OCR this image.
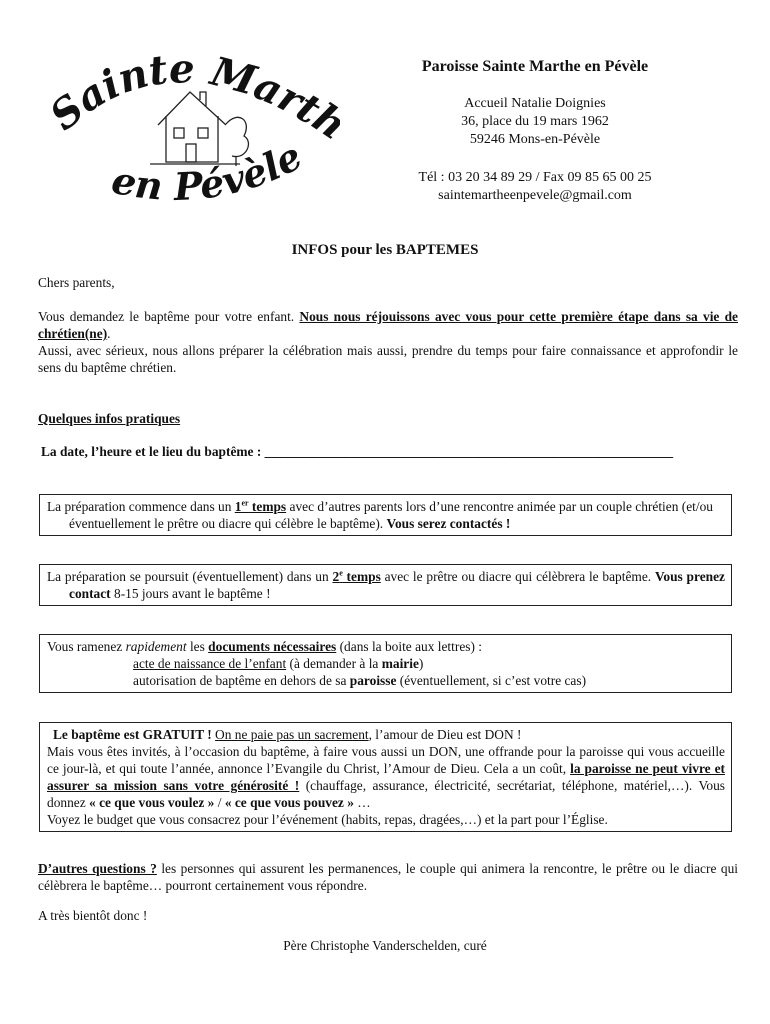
Sainte Mart
en Pévèle
Paroisse Sainte Marthe en Pévèle
Accueil Natalie Doignies
36, place du 19 mars 1962
59246 Mons-en-Pévèle
Tél : 03 20 34 89 29 / Fax 09 85 65 00 25
saintemartheenpevele@gmail.com
INFOS pour les BAPTEMES
Chers parents,
Vous demandez le baptême pour votre enfant. Nous nous réjouissons avec vous pour cette première étape dans sa vie de chrétien(ne).
Aussi, avec sérieux, nous allons préparer la célébration mais aussi, prendre du temps pour faire connaissance et approfondir le sens du baptême chrétien.
Quelques infos pratiques
La date, l’heure et le lieu du baptême : _____________________________________________________________
La préparation commence dans un 1er temps avec d’autres parents lors d’une rencontre animée par un couple chrétien (et/ou éventuellement le prêtre ou diacre qui célèbre le baptême). Vous serez contactés !
La préparation se poursuit (éventuellement) dans un 2e temps avec le prêtre ou diacre qui célèbrera le baptême. Vous prenez contact 8-15 jours avant le baptême !
Vous ramenez rapidement les documents nécessaires (dans la boite aux lettres) :
acte de naissance de l’enfant (à demander à la mairie)
autorisation de baptême en dehors de sa paroisse (éventuellement, si c’est votre cas)
Le baptême est GRATUIT ! On ne paie pas un sacrement, l’amour de Dieu est DON !
Mais vous êtes invités, à l’occasion du baptême, à faire vous aussi un DON, une offrande pour la paroisse qui vous accueille ce jour-là, et qui toute l’année, annonce l’Evangile du Christ, l’Amour de Dieu. Cela a un coût, la paroisse ne peut vivre et assurer sa mission sans votre générosité ! (chauffage, assurance, électricité, secrétariat, téléphone, matériel,…). Vous donnez « ce que vous voulez » / « ce que vous pouvez » …
Voyez le budget que vous consacrez pour l’événement (habits, repas, dragées,…) et la part pour l’Église.
D’autres questions ? les personnes qui assurent les permanences, le couple qui animera la rencontre, le prêtre ou le diacre qui célèbrera le baptême… pourront certainement vous répondre.
A très bientôt donc !
Père Christophe Vanderschelden, curé
